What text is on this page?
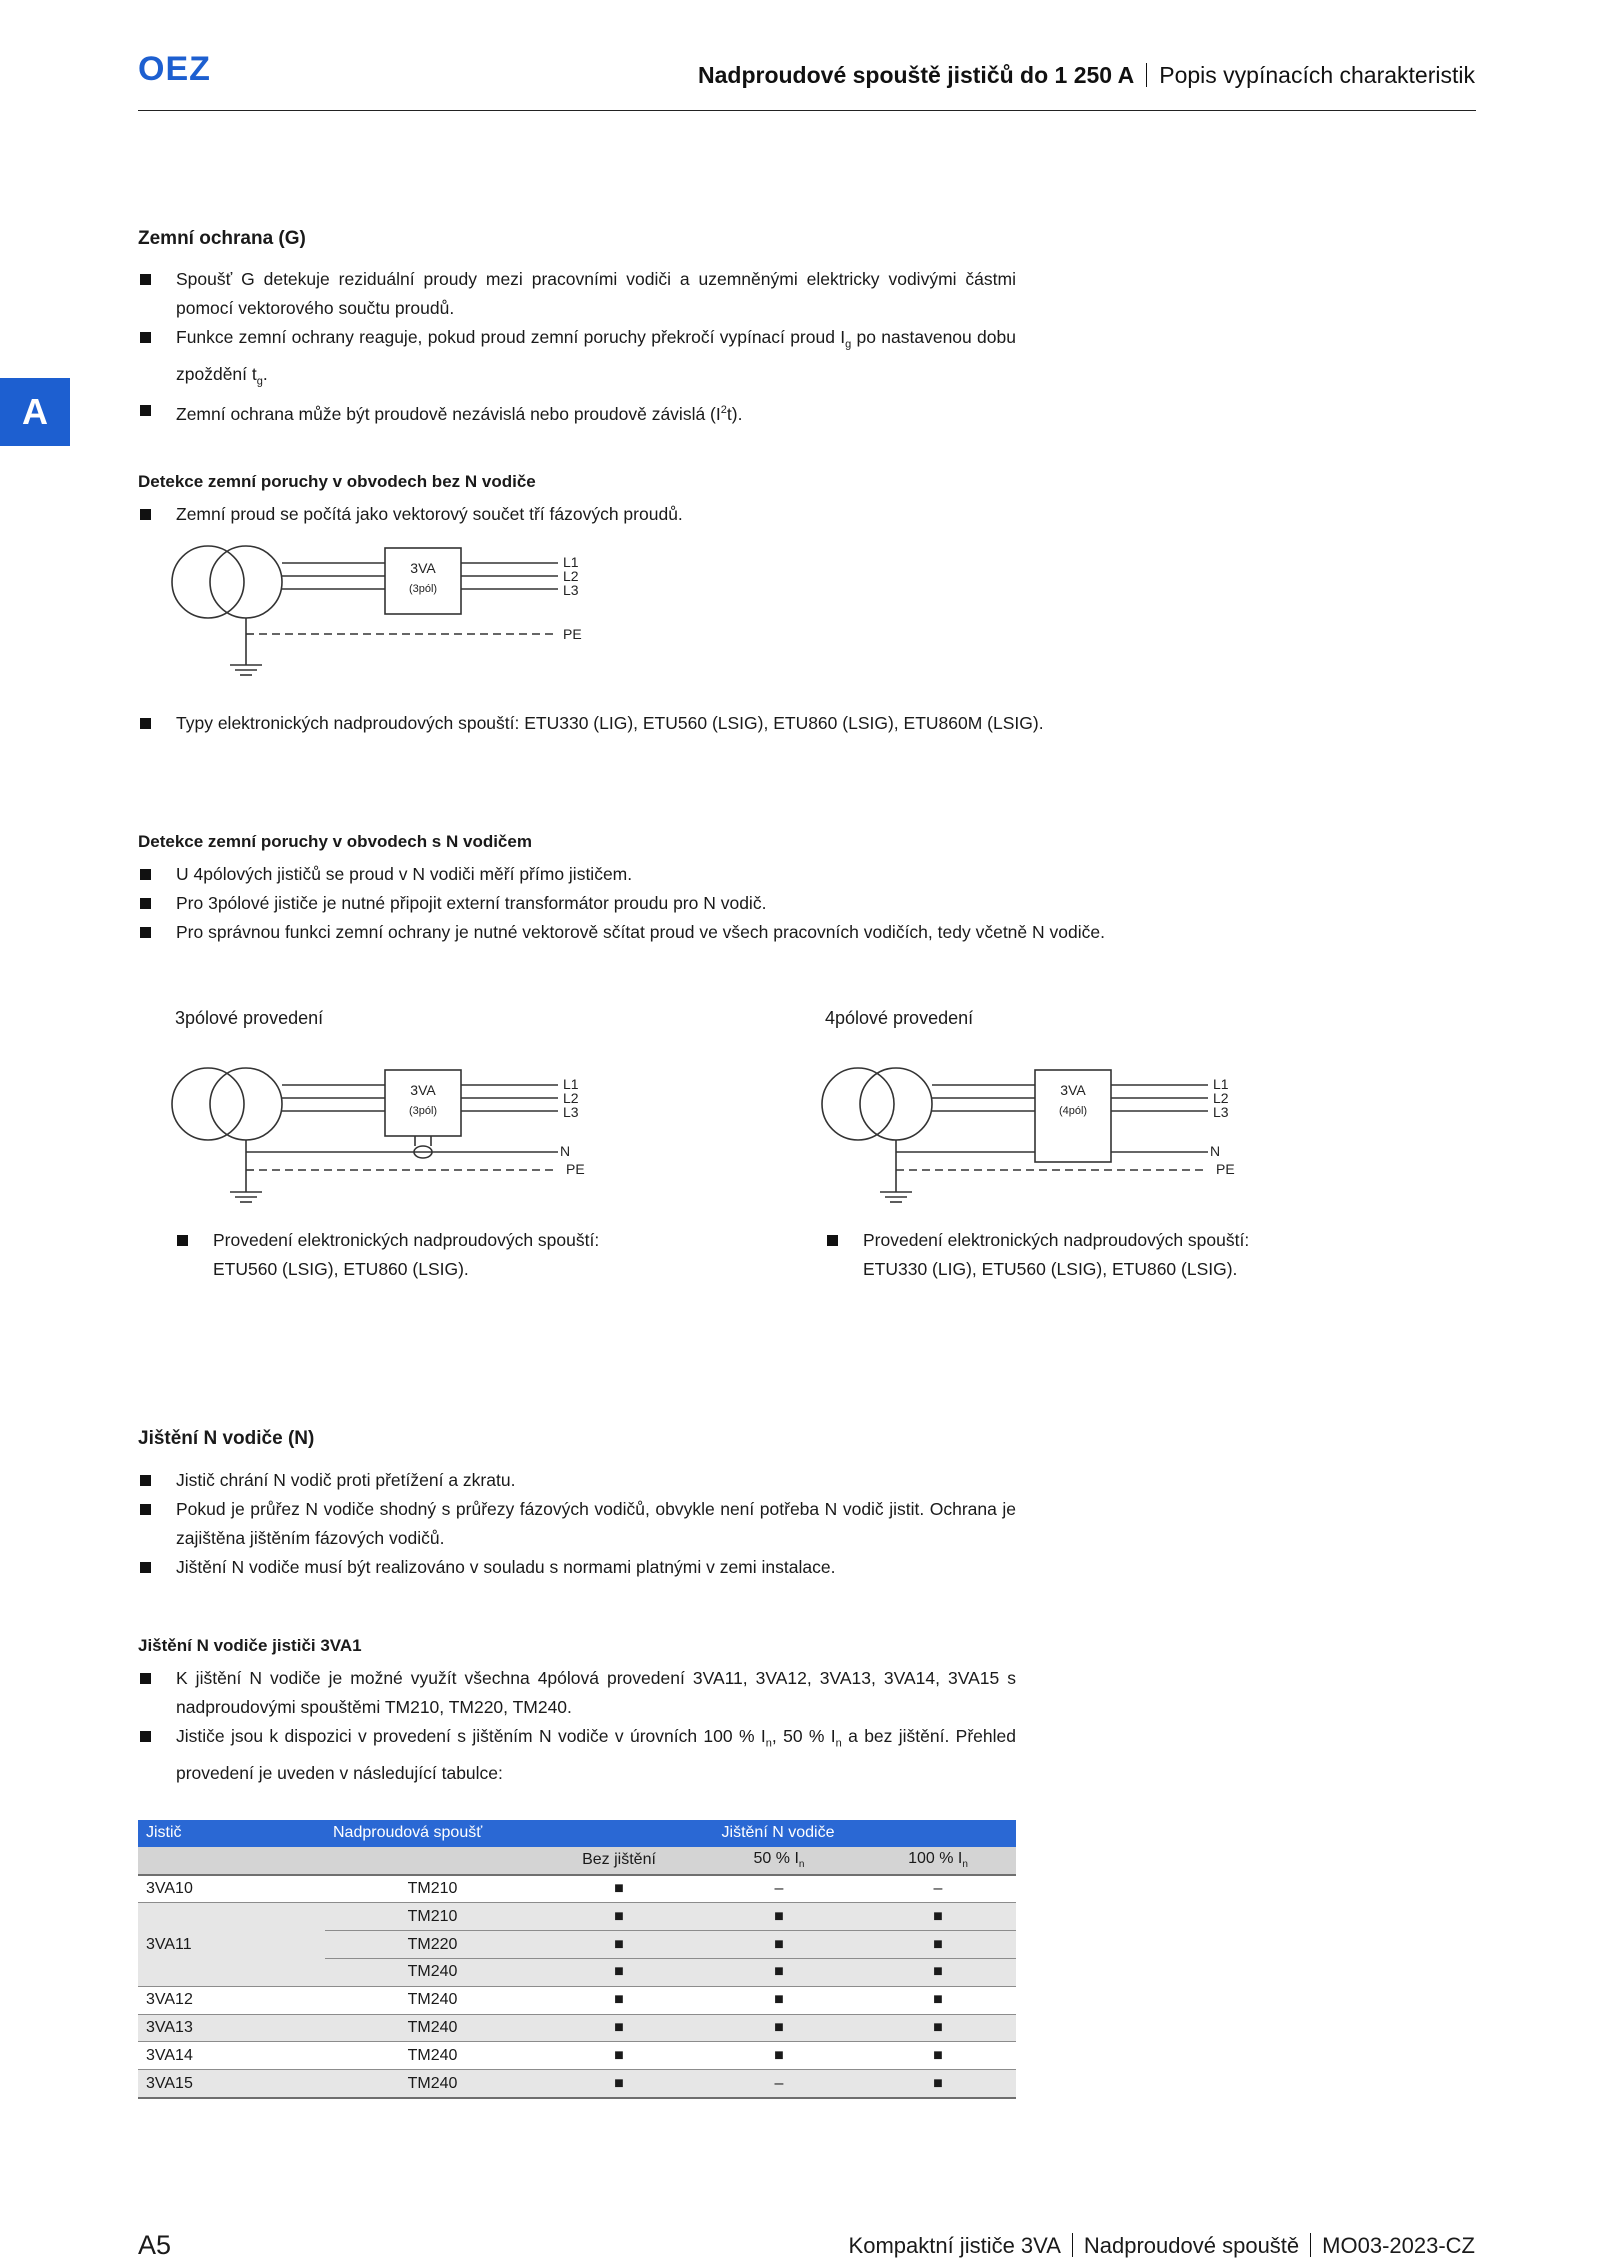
OEZ	Nadproudové spouště jističů do 1 250 A Popis vypínacích charakteristik
A
Zemní ochrana (G)
Spoušť G detekuje reziduální proudy mezi pracovními vodiči a uzemněnými elektricky vodivými částmi pomocí vektorového součtu proudů.
Funkce zemní ochrany reaguje, pokud proud zemní poruchy překročí vypínací proud $I_g$ po nastavenou dobu zpoždění $t_g$.
Zemní ochrana může být proudově nezávislá nebo proudově závislá $(I^2t)$.
Detekce zemní poruchy v obvodech bez N vodiče
Zemní proud se počítá jako vektorový součet tří fázových proudů.
3VA
(3pól)
L1
L2
L3
PE
Typy elektronických nadproudových spouští: ETU330 (LIG), ETU560 (LSIG), ETU860 (LSIG), ETU860M (LSIG).
Detekce zemní poruchy v obvodech s N vodičem
U 4pólových jističů se proud v N vodiči měří přímo jističem.
Pro 3pólové jističe je nutné připojit externí transformátor proudu pro N vodič.
Pro správnou funkci zemní ochrany je nutné vektorově sčítat proud ve všech pracovních vodičích, tedy včetně N vodiče.
3pólové provedení	4pólové provedení
3VA
(3pól)
L1
L2
L3
N
PE
3VA
(4pól)
L1
L2
L3
N
PE
Provedení elektronických nadproudových spouští:
ETU560 (LSIG), ETU860 (LSIG).
Provedení elektronických nadproudových spouští:
ETU330 (LIG), ETU560 (LSIG), ETU860 (LSIG).
Jištění N vodiče (N)
Jistič chrání N vodič proti přetížení a zkratu.
Pokud je průřez N vodiče shodný s průřezy fázových vodičů, obvykle není potřeba N vodič jistit. Ochrana je zajištěna jištěním fázových vodičů.
Jištění N vodiče musí být realizováno v souladu s normami platnými v zemi instalace.
Jištění N vodiče jističi 3VA1
K jištění N vodiče je možné využít všechna 4pólová provedení 3VA11, 3VA12, 3VA13, 3VA14, 3VA15 s nadproudovými spouštěmi TM210, TM220, TM240.
Jističe jsou k dispozici v provedení s jištěním N vodiče v úrovních 100 % $I_n$, 50 % $I_n$ a bez jištění. Přehled provedení je uveden v následující tabulce:
Jistič	Nadproudová spoušť	Jištění N vodiče		
		Bez jištění	50 % $I_n$	100 % $I_n$
3VA10	TM210	■	–	–
3VA11	TM210	■	■	■
	TM220	■	■	■
	TM240	■	■	■
3VA12	TM240	■	■	■
3VA13	TM240	■	■	■
3VA14	TM240	■	■	■
3VA15	TM240	■	–	■
A5	Kompaktní jističe 3VA Nadproudové spouště MO03-2023-CZ
